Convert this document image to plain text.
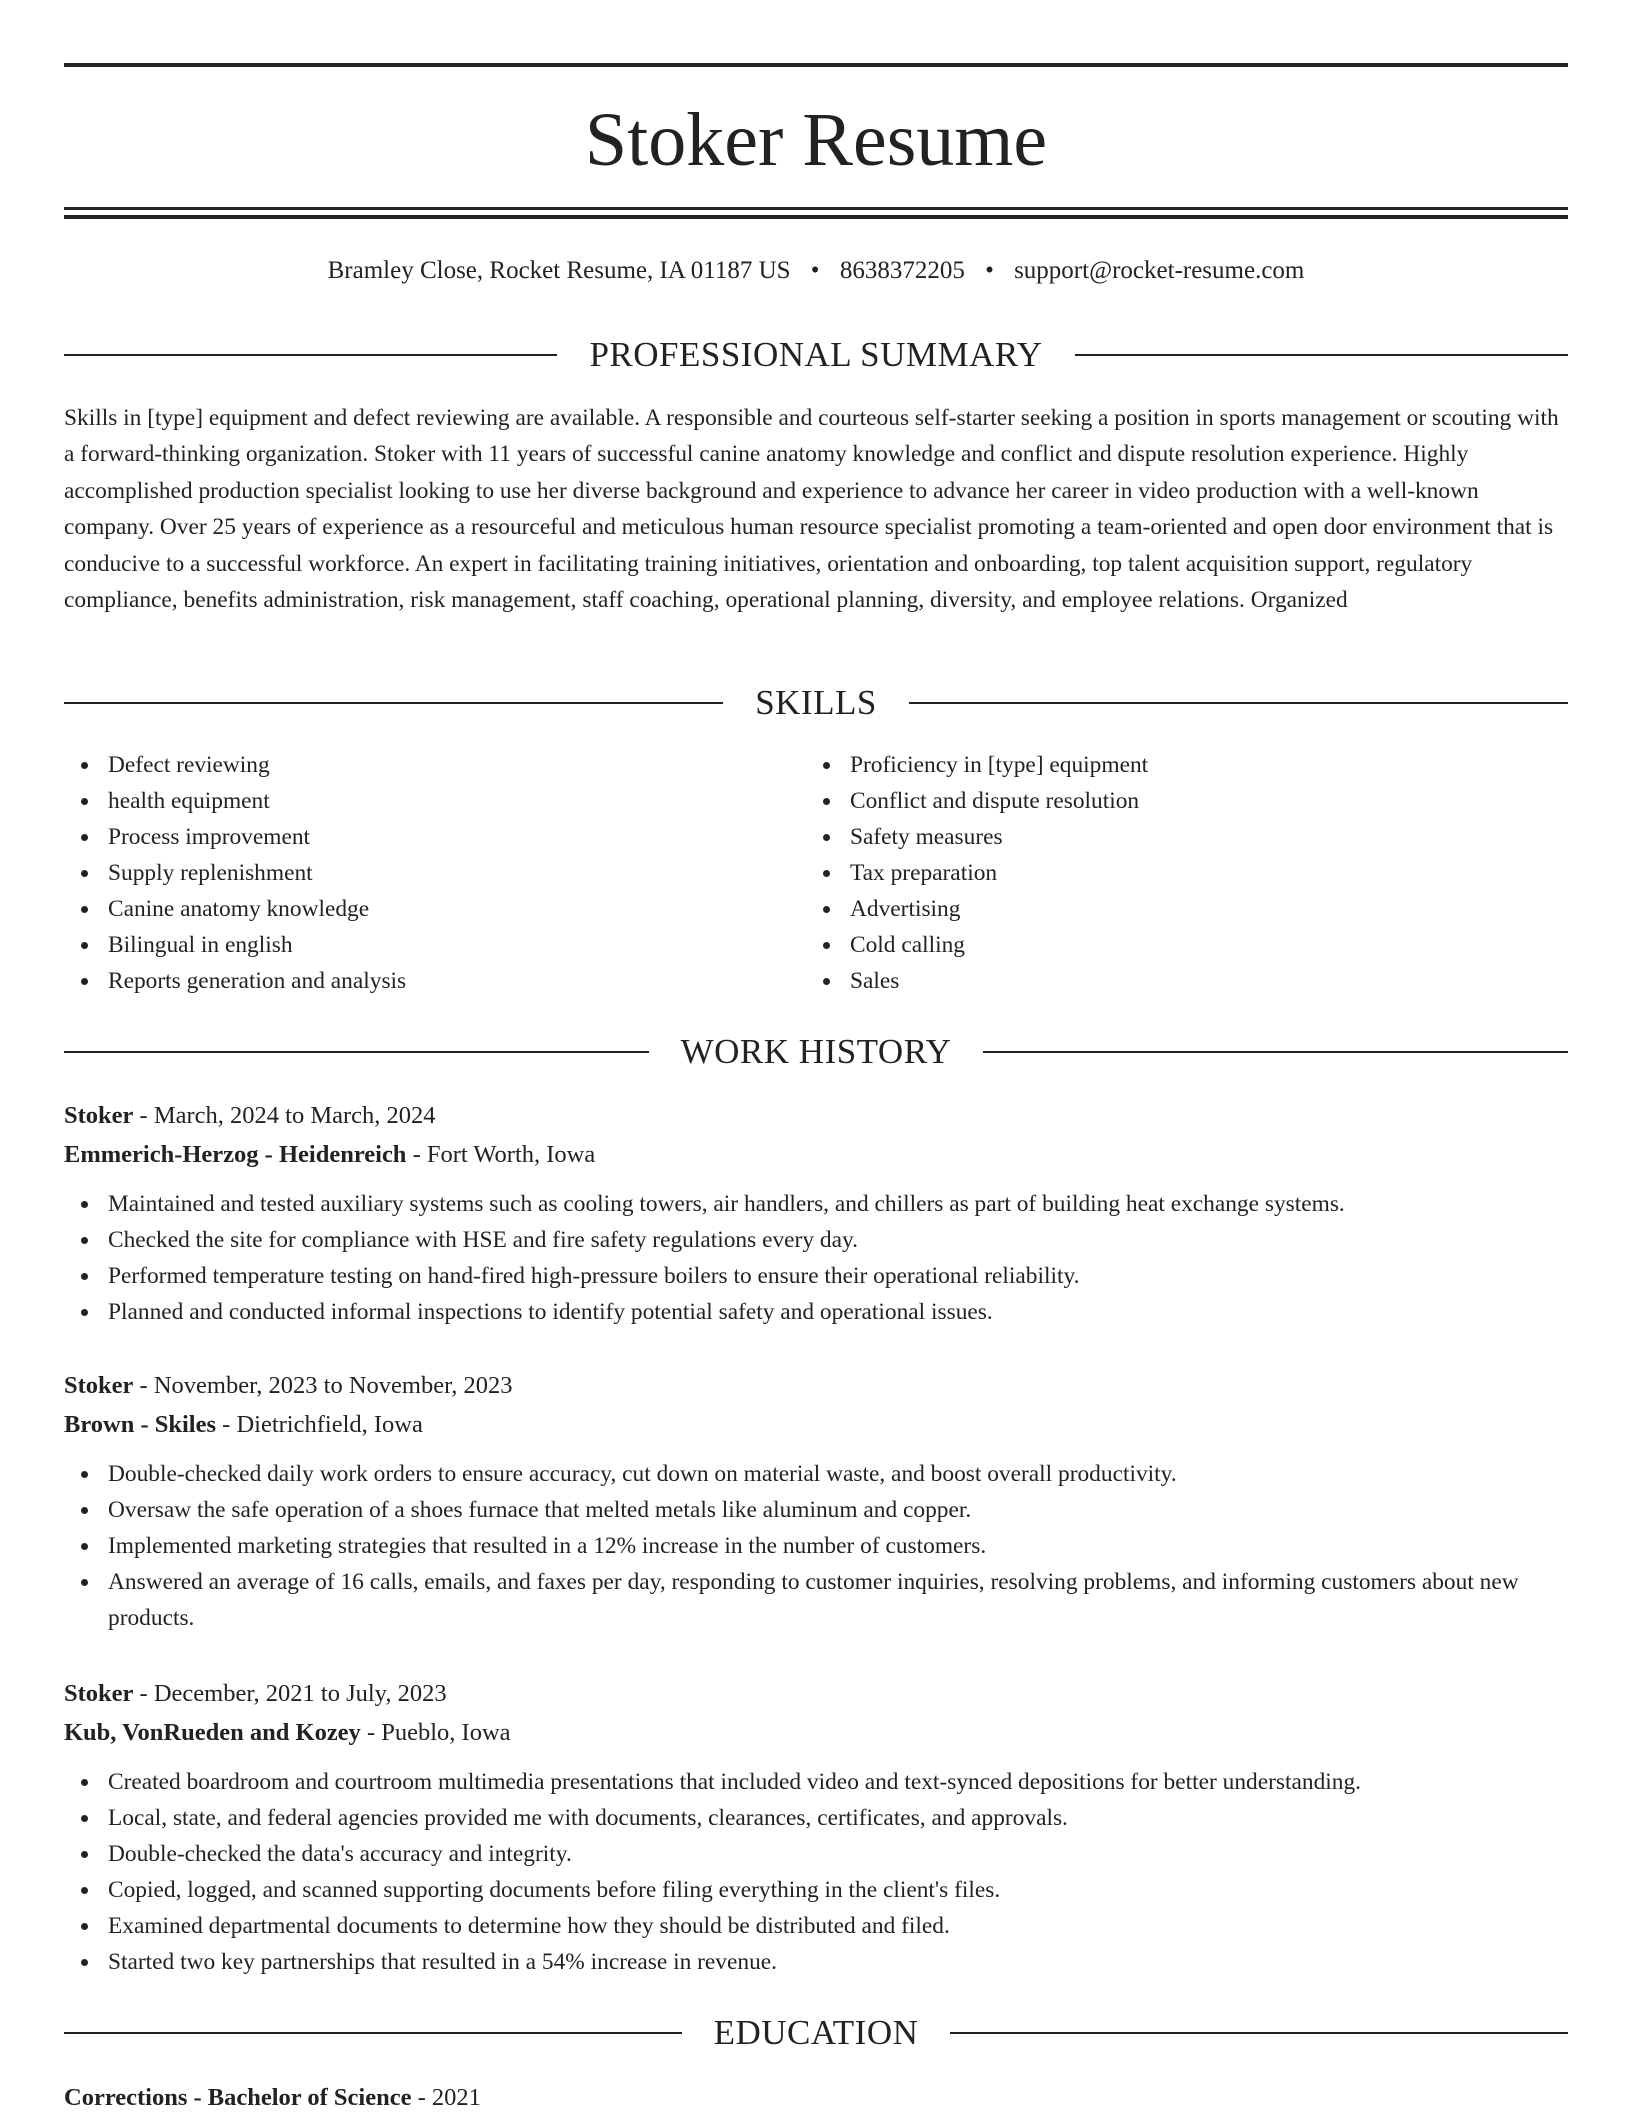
Stoker Resume
Bramley Close, Rocket Resume, IA 01187 US • 8638372205 • support@rocket-resume.com
PROFESSIONAL SUMMARY

Skills in [type] equipment and defect reviewing are available. A responsible and courteous self-starter seeking a position in sports management or scouting with a forward-thinking organization. Stoker with 11 years of successful canine anatomy knowledge and conflict and dispute resolution experience. Highly accomplished production specialist looking to use her diverse background and experience to advance her career in video production with a well-known company. Over 25 years of experience as a resourceful and meticulous human resource specialist promoting a team-oriented and open door environment that is conducive to a successful workforce. An expert in facilitating training initiatives, orientation and onboarding, top talent acquisition support, regulatory compliance, benefits administration, risk management, staff coaching, operational planning, diversity, and employee relations. Organized

SKILLS
Defect reviewing
health equipment
Process improvement
Supply replenishment
Canine anatomy knowledge
Bilingual in english
Reports generation and analysis
Proficiency in [type] equipment
Conflict and dispute resolution
Safety measures
Tax preparation
Advertising
Cold calling
Sales
WORK HISTORY

Stoker - March, 2024 to March, 2024

Emmerich-Herzog - Heidenreich - Fort Worth, Iowa

Maintained and tested auxiliary systems such as cooling towers, air handlers, and chillers as part of building heat exchange systems.
Checked the site for compliance with HSE and fire safety regulations every day.
Performed temperature testing on hand-fired high-pressure boilers to ensure their operational reliability.
Planned and conducted informal inspections to identify potential safety and operational issues.

Stoker - November, 2023 to November, 2023

Brown - Skiles - Dietrichfield, Iowa

Double-checked daily work orders to ensure accuracy, cut down on material waste, and boost overall productivity.
Oversaw the safe operation of a shoes furnace that melted metals like aluminum and copper.
Implemented marketing strategies that resulted in a 12% increase in the number of customers.
Answered an average of 16 calls, emails, and faxes per day, responding to customer inquiries, resolving problems, and informing customers about new products.

Stoker - December, 2021 to July, 2023

Kub, VonRueden and Kozey - Pueblo, Iowa

Created boardroom and courtroom multimedia presentations that included video and text-synced depositions for better understanding.
Local, state, and federal agencies provided me with documents, clearances, certificates, and approvals.
Double-checked the data's accuracy and integrity.
Copied, logged, and scanned supporting documents before filing everything in the client's files.
Examined departmental documents to determine how they should be distributed and filed.
Started two key partnerships that resulted in a 54% increase in revenue.
EDUCATION

Corrections - Bachelor of Science - 2021
